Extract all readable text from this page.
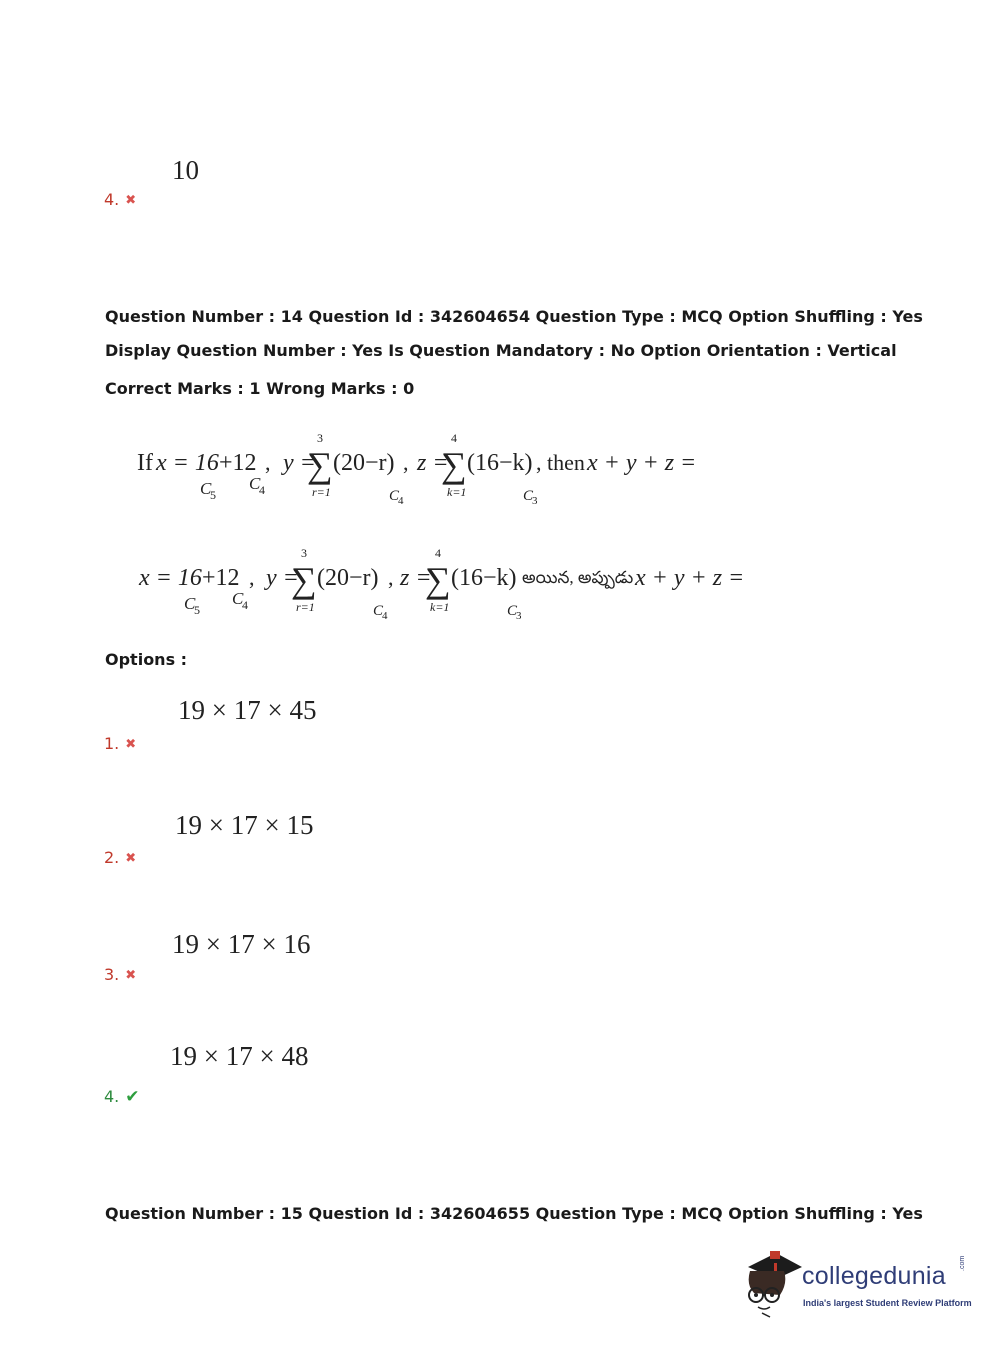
10
4. ✖
Question Number : 14 Question Id : 342604654 Question Type : MCQ Option Shuffling : Yes
Display Question Number : Yes Is Question Mandatory : No Option Orientation : Vertical
Correct Marks : 1 Wrong Marks : 0
If x = 16
C
5
+12
C
4
, y =
3
∑
r=1
(20−r)
C
4
, z =
4
∑
k=1
(16−k)
C
3
, then x + y + z =
x = 16
C
5
+12
C
4
, y =
3
∑
r=1
(20−r)
C
4
, z =
4
∑
k=1
(16−k)
C
3
అయిన, అప్పుడు x + y + z =
Options :
19 × 17 × 45
1. ✖
19 × 17 × 15
2. ✖
19 × 17 × 16
3. ✖
19 × 17 × 48
4. ✔
Question Number : 15 Question Id : 342604655 Question Type : MCQ Option Shuffling : Yes
collegedunia .com
India's largest Student Review Platform
